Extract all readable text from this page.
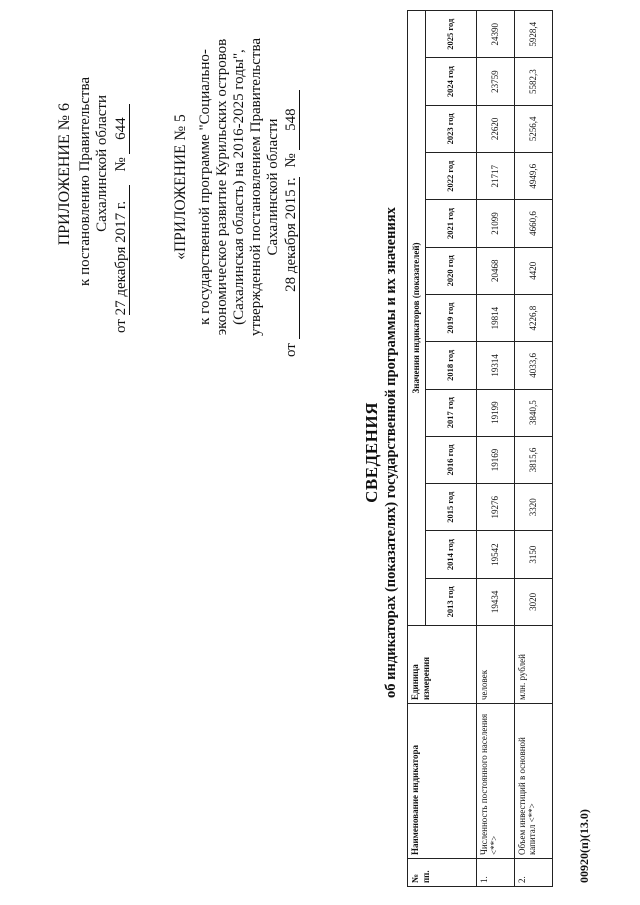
ПРИЛОЖЕНИЕ № 6 к постановлению Правительства Сахалинской области
от 27 декабря 2017 г. № 644	«ПРИЛОЖЕНИЕ № 5 к государственной программе "Социально- экономическое развитие Курильских островов (Сахалинская область) на 2016-2025 годы", утвержденной постановлением Правительства Сахалинской области
от 28 декабря 2015 г. № 548
СВЕДЕНИЯ об индикаторах (показателях) государственной программы и их значениях
№ пп.	Наименование индикатора	Единица измерения	Значения индикаторов (показателей)												
			2013 год	2014 год	2015 год	2016 год	2017 год	2018 год	2019 год	2020 год	2021 год	2022 год	2023 год	2024 год	2025 год
1.	Численность постоянного населения <**>	человек	19434	19542	19276	19169	19199	19314	19814	20468	21099	21717	22620	23759	24390
2.	Объем инвестиций в основной капитал <**>	млн. рублей	3020	3150	3320	3815,6	3840,5	4033,6	4226,8	4420	4660,6	4949,6	5256,4	5582,3	5928,4
00920(п)(13.0)
